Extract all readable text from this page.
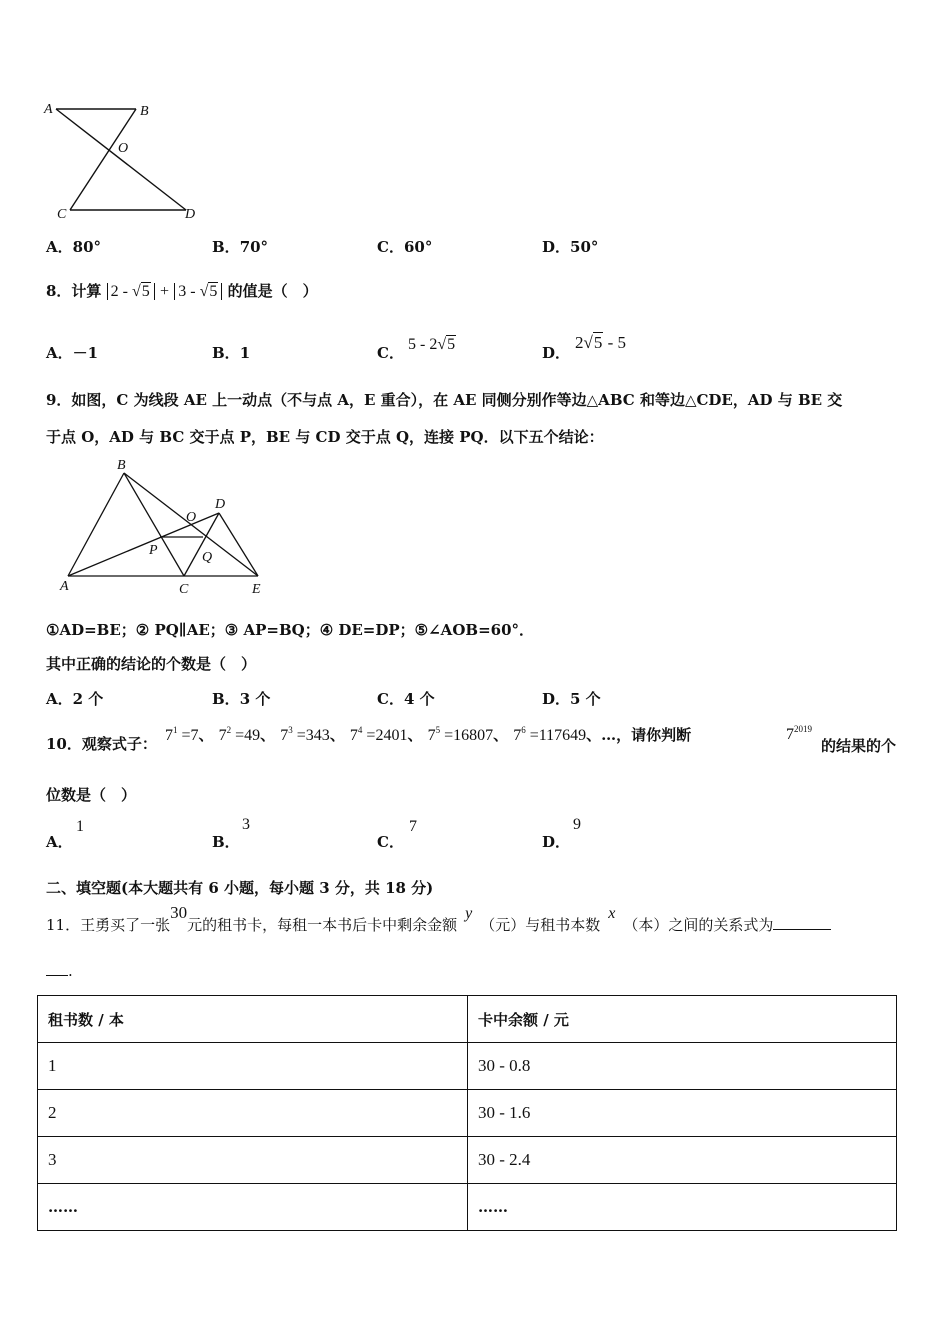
A	B
O
C	D
A．80°	B．70°	C．60°	D．50°
8．计算 2 - √5 + 3 - √5 的值是（　）
A．－1	B．1	C． 5 - 2√5	D．
2√5 - 5
9．如图，C 为线段 AE 上一动点（不与点 A，E 重合），在 AE 同侧分别作等边△ABC 和等边△CDE，AD 与 BE 交
于点 O，AD 与 BC 交于点 P，BE 与 CD 交于点 Q，连接 PQ．以下五个结论：
B
D
O
P	Q
A	C	E
①AD=BE；② PQ∥AE；③ AP=BQ；④ DE=DP；⑤∠AOB=60°．
其中正确的结论的个数是（　）
A．2 个	B．3 个	C．4 个	D．5 个
10．观察式子： $7^1 =7$、 $7^2 =49$、 $7^3 =343$、 $7^4 =2401$、 $7^5 =16807$、 $7^6 =117649$、…，请你判断	$7^{2019}$
的结果的个
位数是（　）
A．
1
B．
3
C．
7
D．
9
二、填空题(本大题共有 6 小题，每小题 3 分，共 18 分)
11．王勇买了一张30元的租书卡，每租一本书后卡中剩余金额y（元）与租书本数x（本）之间的关系式为
.
租书数 / 本	卡中余额 / 元
1	30 - 0.8
2	30 - 1.6
3	30 - 2.4
……	……
